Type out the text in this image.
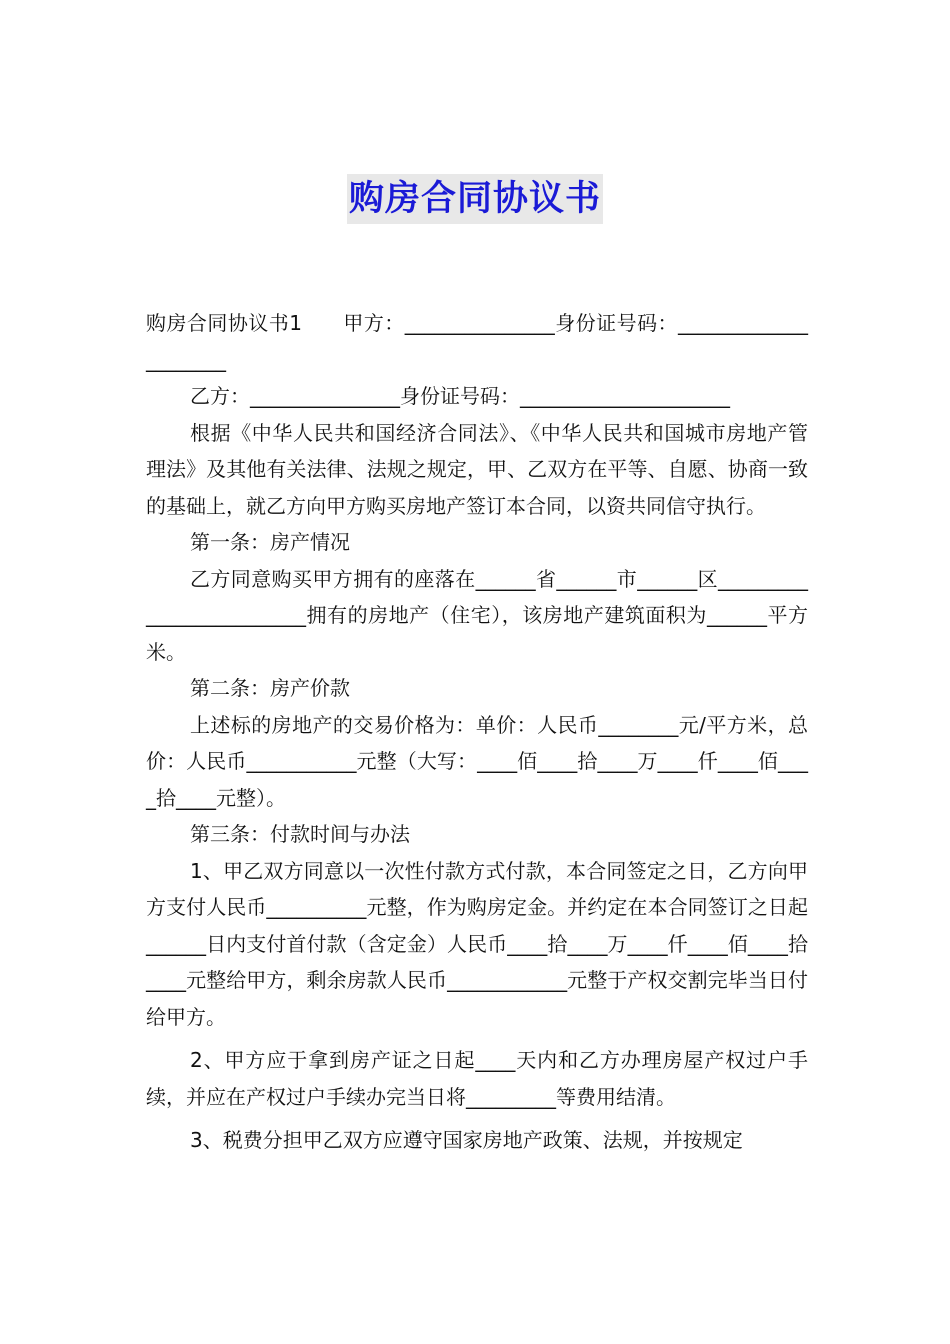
购房合同协议书

购房合同协议书1　　甲方：_______________身份证号码：_____________________

乙方：_______________身份证号码：_____________________

根据《中华人民共和国经济合同法》、《中华人民共和国城市房地产管理法》及其他有关法律、法规之规定，甲、乙双方在平等、自愿、协商一致的基础上，就乙方向甲方购买房地产签订本合同，以资共同信守执行。

第一条：房产情况

乙方同意购买甲方拥有的座落在______省______市______区_________________________拥有的房地产（住宅），该房地产建筑面积为______平方米。

第二条：房产价款

上述标的房地产的交易价格为：单价：人民币________元/平方米，总价：人民币___________元整（大写：____佰____拾____万____仟____佰____拾____元整）。

第三条：付款时间与办法

1、甲乙双方同意以一次性付款方式付款，本合同签定之日，乙方向甲方支付人民币__________元整，作为购房定金。并约定在本合同签订之日起______日内支付首付款（含定金）人民币____拾____万____仟____佰____拾____元整给甲方，剩余房款人民币____________元整于产权交割完毕当日付给甲方。

2、甲方应于拿到房产证之日起____天内和乙方办理房屋产权过户手续，并应在产权过户手续办完当日将_________等费用结清。

3、税费分担甲乙双方应遵守国家房地产政策、法规，并按规定
